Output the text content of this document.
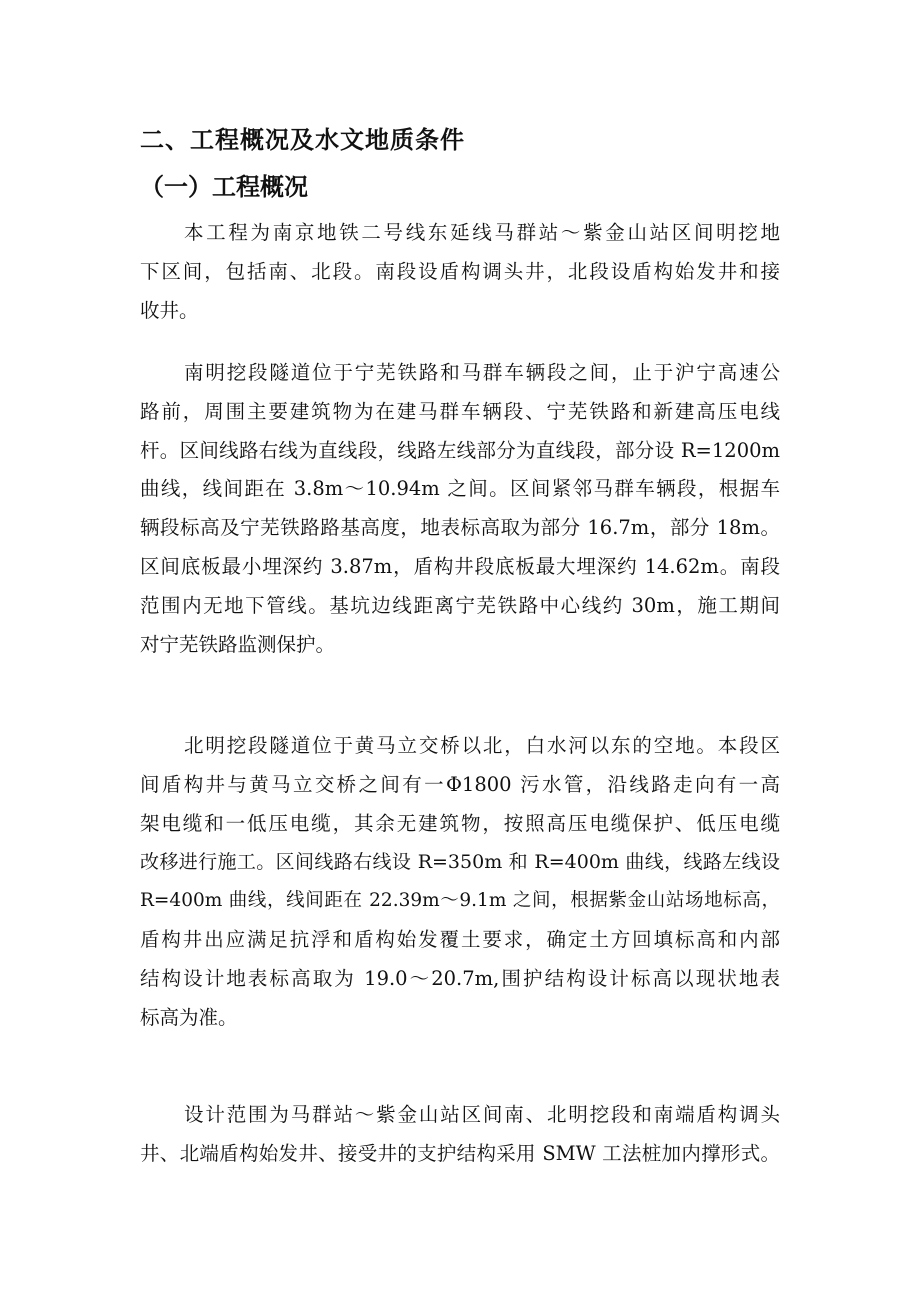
二、工程概况及水文地质条件
（一）工程概况
本工程为南京地铁二号线东延线马群站～紫金山站区间明挖地
下区间，包括南、北段。南段设盾构调头井，北段设盾构始发井和接
收井。
南明挖段隧道位于宁芜铁路和马群车辆段之间，止于沪宁高速公
路前，周围主要建筑物为在建马群车辆段、宁芜铁路和新建高压电线
杆。区间线路右线为直线段，线路左线部分为直线段，部分设 R=1200m
曲线，线间距在 3.8m～10.94m 之间。区间紧邻马群车辆段，根据车
辆段标高及宁芜铁路路基高度，地表标高取为部分 16.7m，部分 18m。
区间底板最小埋深约 3.87m，盾构井段底板最大埋深约 14.62m。南段
范围内无地下管线。基坑边线距离宁芜铁路中心线约 30m，施工期间
对宁芜铁路监测保护。
北明挖段隧道位于黄马立交桥以北，白水河以东的空地。本段区
间盾构井与黄马立交桥之间有一Φ1800 污水管，沿线路走向有一高
架电缆和一低压电缆，其余无建筑物，按照高压电缆保护、低压电缆
改移进行施工。区间线路右线设 R=350m 和 R=400m 曲线，线路左线设
R=400m 曲线，线间距在 22.39m～9.1m 之间，根据紫金山站场地标高，
盾构井出应满足抗浮和盾构始发覆土要求，确定土方回填标高和内部
结构设计地表标高取为 19.0～20.7m,围护结构设计标高以现状地表
标高为准。
设计范围为马群站～紫金山站区间南、北明挖段和南端盾构调头
井、北端盾构始发井、接受井的支护结构采用 SMW 工法桩加内撑形式。
